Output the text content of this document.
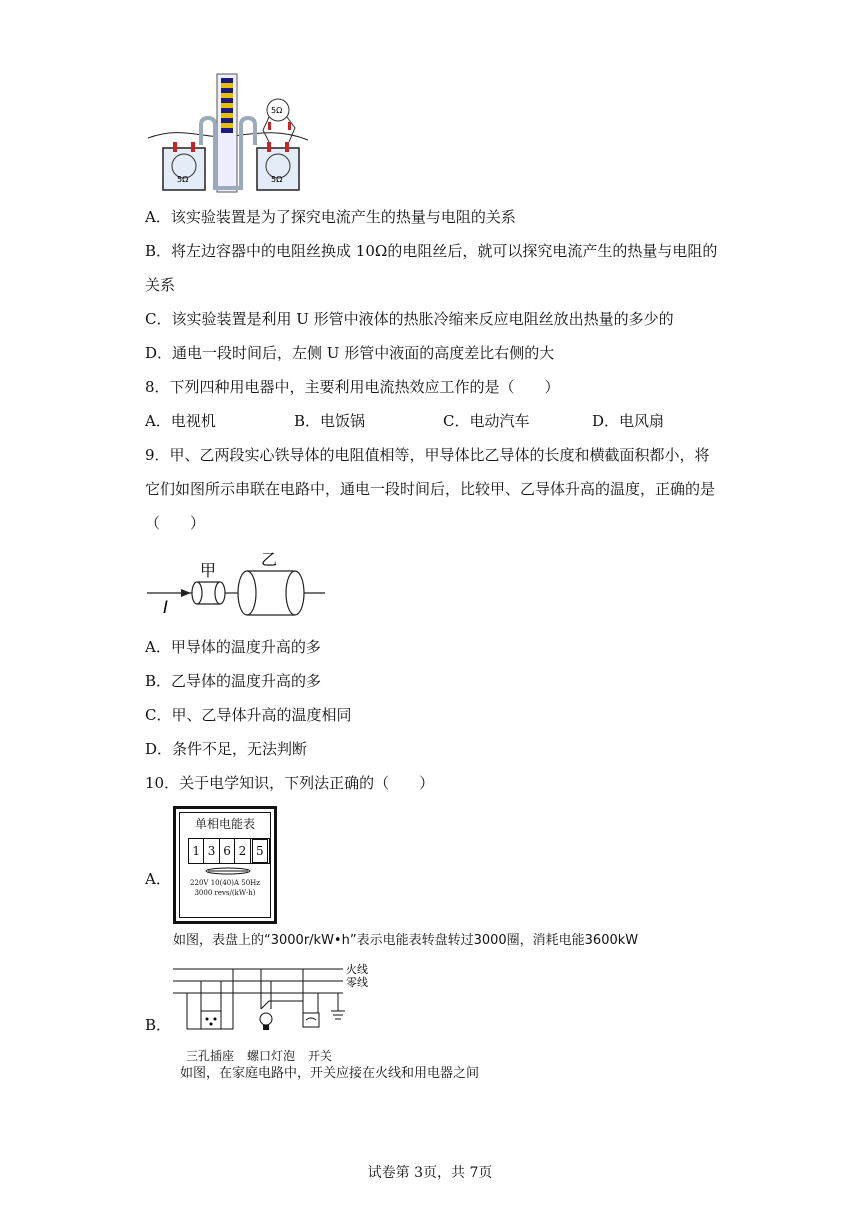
5Ω	5Ω
5Ω
A．该实验装置是为了探究电流产生的热量与电阻的关系
B．将左边容器中的电阻丝换成 10Ω的电阻丝后，就可以探究电流产生的热量与电阻的
关系
C．该实验装置是利用 U 形管中液体的热胀冷缩来反应电阻丝放出热量的多少的
D．通电一段时间后，左侧 U 形管中液面的高度差比右侧的大
8．下列四种用电器中，主要利用电流热效应工作的是（　　）
A．电视机	B．电饭锅	C．电动汽车	D．电风扇
9．甲、乙两段实心铁导体的电阻值相等，甲导体比乙导体的长度和横截面积都小，将
它们如图所示串联在电路中，通电一段时间后，比较甲、乙导体升高的温度，正确的是
（　　）
甲
乙
I
A．甲导体的温度升高的多
B．乙导体的温度升高的多
C．甲、乙导体升高的温度相同
D．条件不足，无法判断
10．关于电学知识，下列法正确的（　　）
A．
单相电能表
1 3 6 2 5
220V 10(40)A 50Hz
3000 revs/(kW·h)
如图，表盘上的“3000r/kW•h”表示电能表转盘转过3000圈，消耗电能3600kW
B．
火线
零线
三孔插座 螺口灯泡 开关
如图，在家庭电路中，开关应接在火线和用电器之间
试卷第 3页，共 7页
